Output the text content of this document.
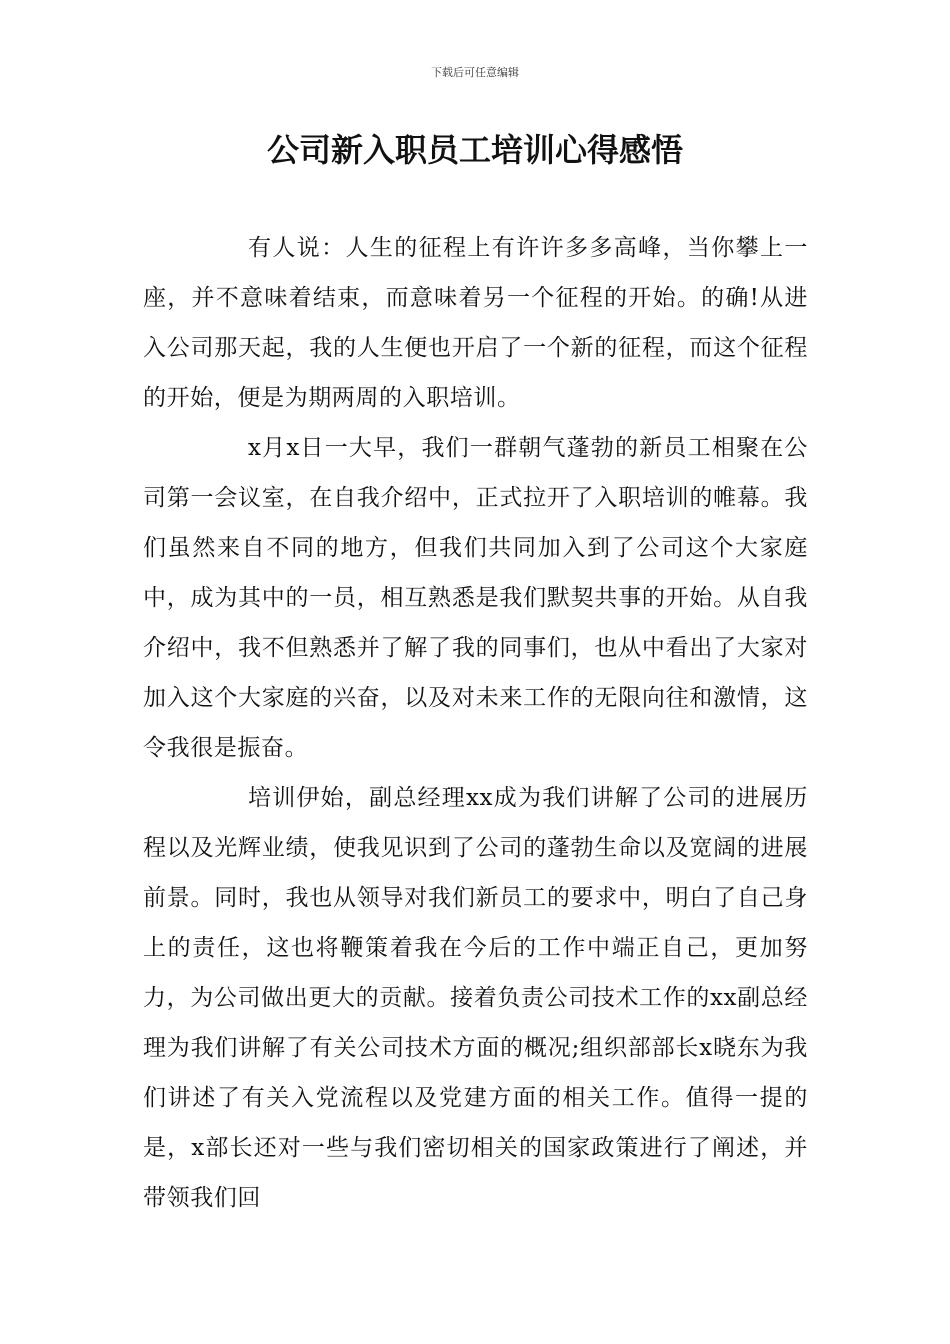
下载后可任意编辑
公司新入职员工培训心得感悟

有人说：人生的征程上有许许多多高峰，当你攀上一座，并不意味着结束，而意味着另一个征程的开始。的确!从进入公司那天起，我的人生便也开启了一个新的征程，而这个征程的开始，便是为期两周的入职培训。

x月x日一大早，我们一群朝气蓬勃的新员工相聚在公司第一会议室，在自我介绍中，正式拉开了入职培训的帷幕。我们虽然来自不同的地方，但我们共同加入到了公司这个大家庭中，成为其中的一员，相互熟悉是我们默契共事的开始。从自我介绍中，我不但熟悉并了解了我的同事们，也从中看出了大家对加入这个大家庭的兴奋，以及对未来工作的无限向往和激情，这令我很是振奋。

培训伊始，副总经理xx成为我们讲解了公司的进展历程以及光辉业绩，使我见识到了公司的蓬勃生命以及宽阔的进展前景。同时，我也从领导对我们新员工的要求中，明白了自己身上的责任，这也将鞭策着我在今后的工作中端正自己，更加努力，为公司做出更大的贡献。接着负责公司技术工作的xx副总经理为我们讲解了有关公司技术方面的概况;组织部部长x晓东为我们讲述了有关入党流程以及党建方面的相关工作。值得一提的是，x部长还对一些与我们密切相关的国家政策进行了阐述，并带领我们回
